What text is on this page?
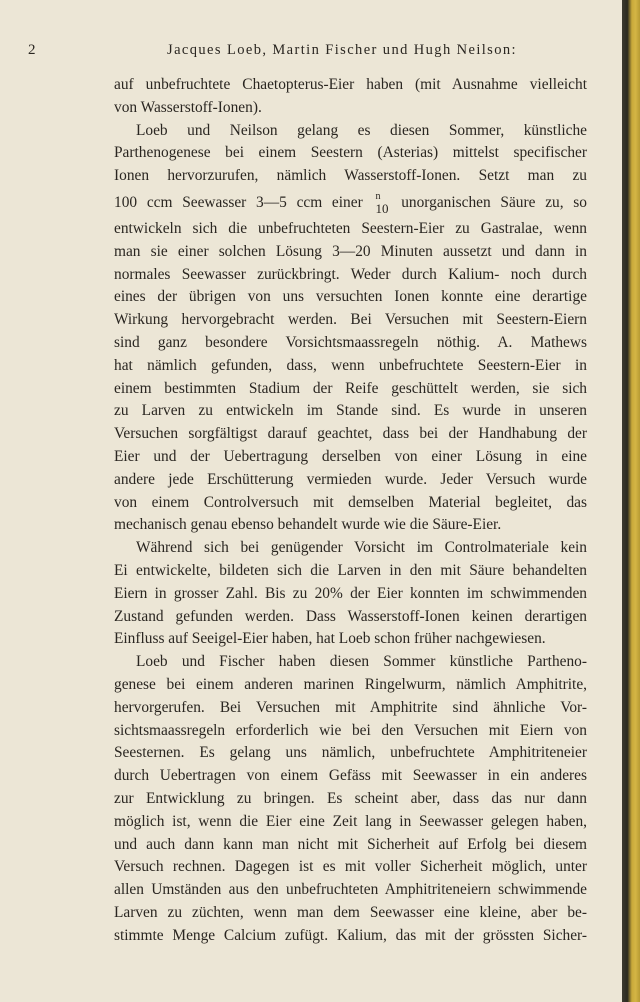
2	Jacques Loeb, Martin Fischer und Hugh Neilson:
auf unbefruchtete Chaetopterus-Eier haben (mit Ausnahme vielleicht
von Wasserstoff-Ionen).
Loeb und Neilson gelang es diesen Sommer, künstliche
Parthenogenese bei einem Seestern (Asterias) mittelst specifischer
Ionen hervorzurufen, nämlich Wasserstoff-Ionen. Setzt man zu
100 ccm Seewasser 3—5 ccm einer n
10 unorganischen Säure zu, so
entwickeln sich die unbefruchteten Seestern-Eier zu Gastralae, wenn
man sie einer solchen Lösung 3—20 Minuten aussetzt und dann in
normales Seewasser zurückbringt. Weder durch Kalium- noch durch
eines der übrigen von uns versuchten Ionen konnte eine derartige
Wirkung hervorgebracht werden. Bei Versuchen mit Seestern-Eiern
sind ganz besondere Vorsichtsmaassregeln nöthig. A. Mathews
hat nämlich gefunden, dass, wenn unbefruchtete Seestern-Eier in
einem bestimmten Stadium der Reife geschüttelt werden, sie sich
zu Larven zu entwickeln im Stande sind. Es wurde in unseren
Versuchen sorgfältigst darauf geachtet, dass bei der Handhabung der
Eier und der Uebertragung derselben von einer Lösung in eine
andere jede Erschütterung vermieden wurde. Jeder Versuch wurde
von einem Controlversuch mit demselben Material begleitet, das
mechanisch genau ebenso behandelt wurde wie die Säure-Eier.
Während sich bei genügender Vorsicht im Controlmateriale kein
Ei entwickelte, bildeten sich die Larven in den mit Säure behandelten
Eiern in grosser Zahl. Bis zu 20% der Eier konnten im schwimmenden
Zustand gefunden werden. Dass Wasserstoff-Ionen keinen derartigen
Einfluss auf Seeigel-Eier haben, hat Loeb schon früher nachgewiesen.
Loeb und Fischer haben diesen Sommer künstliche Partheno-
genese bei einem anderen marinen Ringelwurm, nämlich Amphitrite,
hervorgerufen. Bei Versuchen mit Amphitrite sind ähnliche Vor-
sichtsmaassregeln erforderlich wie bei den Versuchen mit Eiern von
Seesternen. Es gelang uns nämlich, unbefruchtete Amphitriteneier
durch Uebertragen von einem Gefäss mit Seewasser in ein anderes
zur Entwicklung zu bringen. Es scheint aber, dass das nur dann
möglich ist, wenn die Eier eine Zeit lang in Seewasser gelegen haben,
und auch dann kann man nicht mit Sicherheit auf Erfolg bei diesem
Versuch rechnen. Dagegen ist es mit voller Sicherheit möglich, unter
allen Umständen aus den unbefruchteten Amphitriteneiern schwimmende
Larven zu züchten, wenn man dem Seewasser eine kleine, aber be-
stimmte Menge Calcium zufügt. Kalium, das mit der grössten Sicher-
